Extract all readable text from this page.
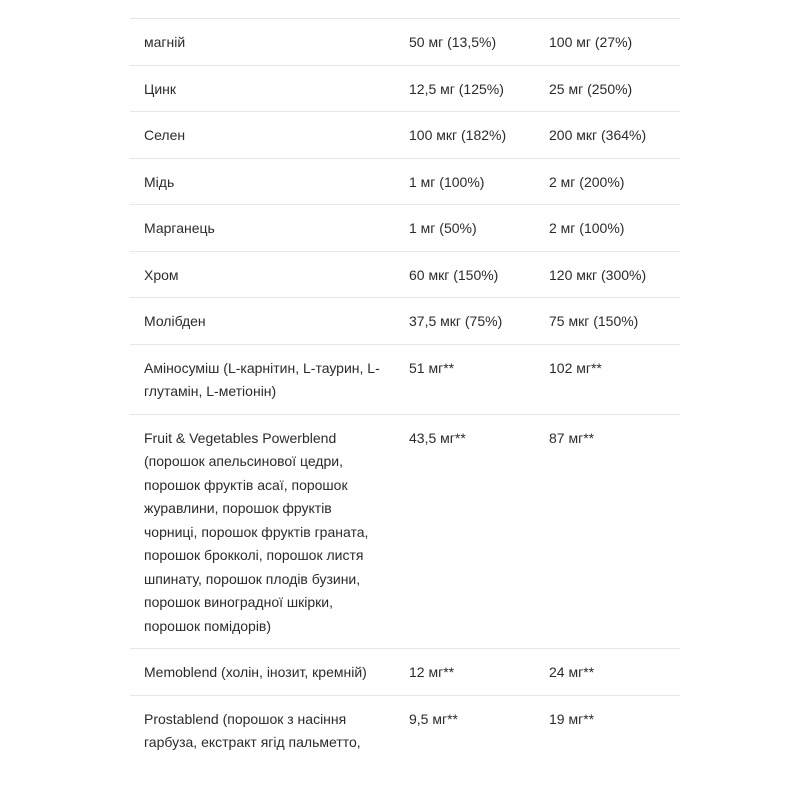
магній	50 мг (13,5%)	100 мг (27%)
Цинк	12,5 мг (125%)	25 мг (250%)
Селен	100 мкг (182%)	200 мкг (364%)
Мідь	1 мг (100%)	2 мг (200%)
Марганець	1 мг (50%)	2 мг (100%)
Хром	60 мкг (150%)	120 мкг (300%)
Молібден	37,5 мкг (75%)	75 мкг (150%)
Аміносуміш (L-карнітин, L-таурин, L-глутамін, L-метіонін)	51 мг**	102 мг**
Fruit & Vegetables Powerblend (порошок апельсинової цедри, порошок фруктів асаї, порошок журавлини, порошок фруктів чорниці, порошок фруктів граната, порошок брокколі, порошок листя шпинату, порошок плодів бузини, порошок виноградної шкірки, порошок помідорів)	43,5 мг**	87 мг**
Memoblend (холін, інозит, кремній)	12 мг**	24 мг**
Prostablend (порошок з насіння гарбуза, екстракт ягід пальметто,	9,5 мг**	19 мг**
